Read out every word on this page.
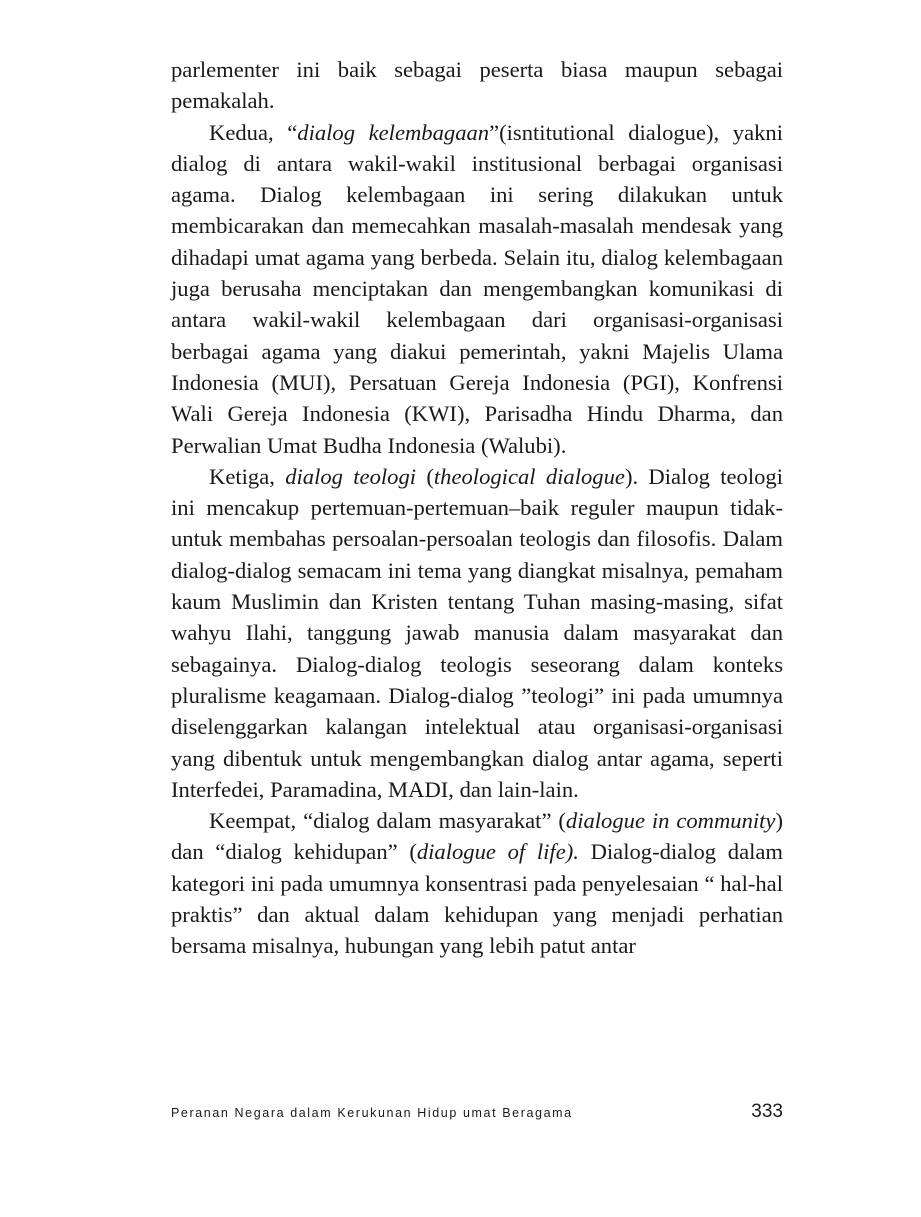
parlementer ini baik sebagai peserta biasa maupun sebagai pemakalah.

Kedua, “dialog kelembagaan”(isntitutional dialogue), yakni dialog di antara wakil-wakil institusional berbagai organisasi agama. Dialog kelembagaan ini sering dilakukan untuk membicarakan dan memecahkan masalah-masalah mendesak yang dihadapi umat agama yang berbeda. Selain itu, dialog kelembagaan juga berusaha menciptakan dan mengembangkan komunikasi di antara wakil-wakil kelembagaan dari organisasi-organisasi berbagai agama yang diakui pemerintah, yakni Majelis Ulama Indonesia (MUI), Persatuan Gereja Indonesia (PGI), Konfrensi Wali Gereja Indonesia (KWI), Parisadha Hindu Dharma, dan Perwalian Umat Budha Indonesia (Walubi).

Ketiga, dialog teologi (theological dialogue). Dialog teologi ini mencakup pertemuan-pertemuan–baik reguler maupun tidak-untuk membahas persoalan-persoalan teologis dan filosofis. Dalam dialog-dialog semacam ini tema yang diangkat misalnya, pemaham kaum Muslimin dan Kristen tentang Tuhan masing-masing, sifat wahyu Ilahi, tanggung jawab manusia dalam masyarakat dan sebagainya. Dialog-dialog teologis seseorang dalam konteks pluralisme keagamaan. Dialog-dialog ”teologi” ini pada umumnya diselenggarkan kalangan intelektual atau organisasi-organisasi yang dibentuk untuk mengembangkan dialog antar agama, seperti Interfedei, Paramadina, MADI, dan lain-lain.

Keempat, “dialog dalam masyarakat” (dialogue in community) dan “dialog kehidupan” (dialogue of life). Dialog-dialog dalam kategori ini pada umumnya konsentrasi pada penyelesaian “ hal-hal praktis” dan aktual dalam kehidupan yang menjadi perhatian bersama misalnya, hubungan yang lebih patut antar

Peranan Negara dalam Kerukunan Hidup umat Beragama	333
